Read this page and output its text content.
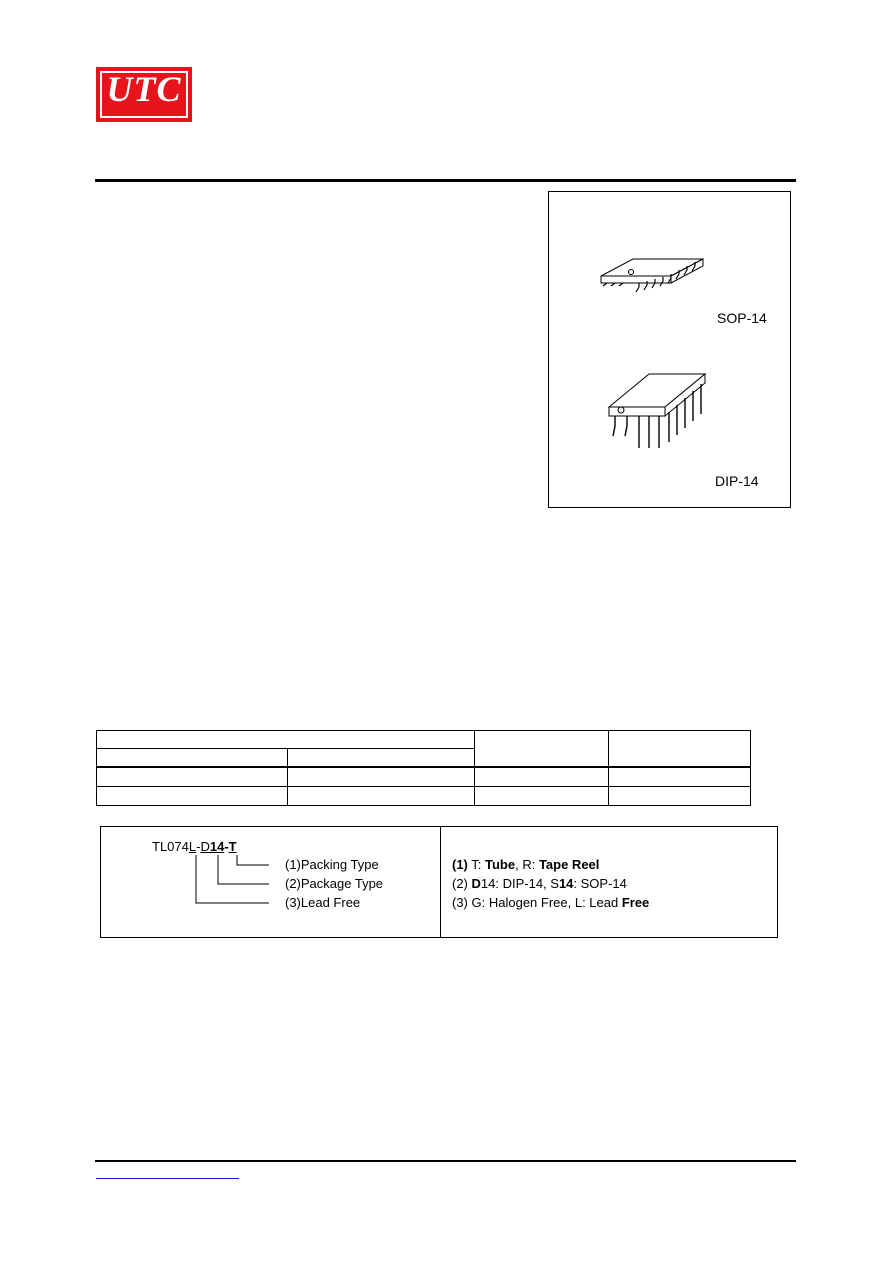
UTC
SOP-14
DIP-14

TL074L-D14-T
(1)Packing Type
(2)Package Type
(3)Lead Free
(1) T: Tube, R: Tape Reel
(2) D14: DIP-14, S14: SOP-14
(3) G: Halogen Free, L: Lead Free
